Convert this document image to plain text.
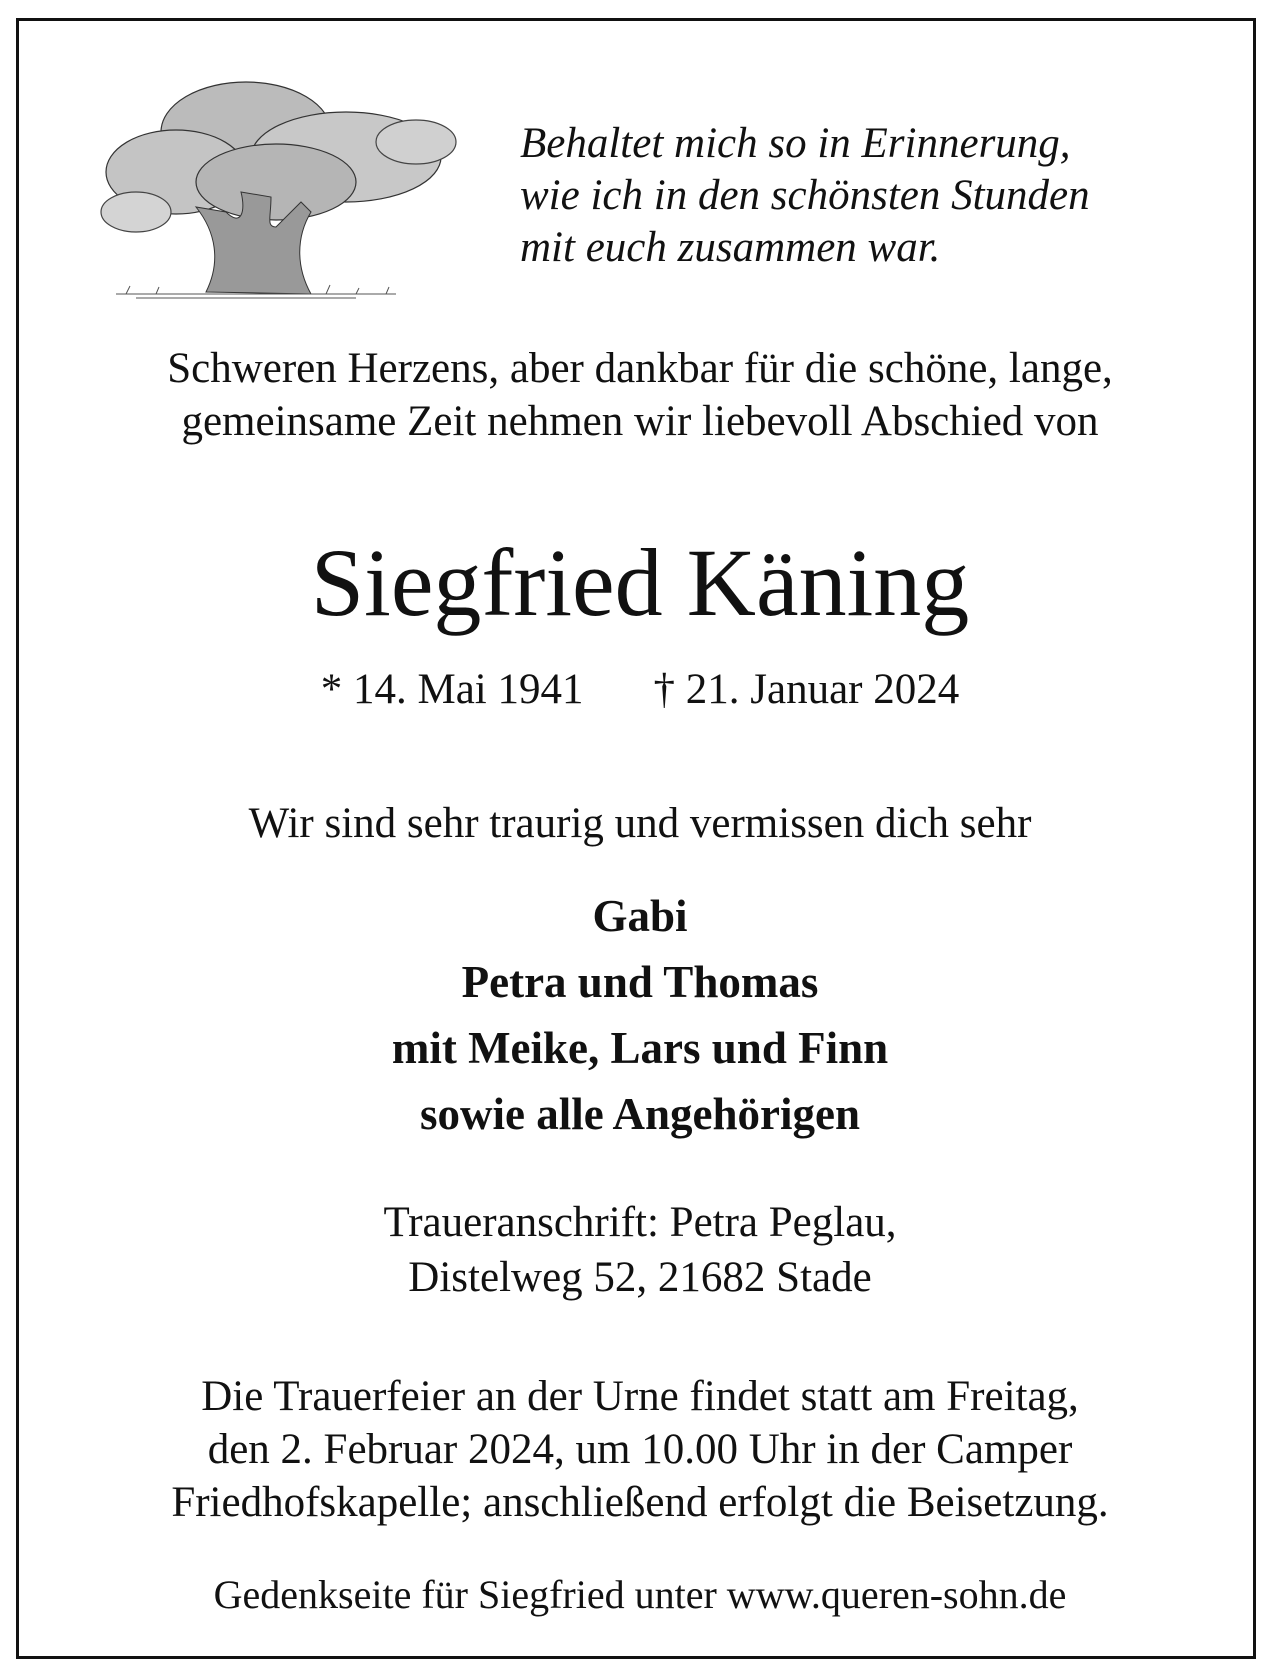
Behaltet mich so in Erinnerung,
wie ich in den schönsten Stunden
mit euch zusammen war.
Schweren Herzens, aber dankbar für die schöne, lange,
gemeinsame Zeit nehmen wir liebevoll Abschied von
Siegfried Käning
* 14. Mai 1941 † 21. Januar 2024
Wir sind sehr traurig und vermissen dich sehr
Gabi
Petra und Thomas
mit Meike, Lars und Finn
sowie alle Angehörigen
Traueranschrift: Petra Peglau,
Distelweg 52, 21682 Stade
Die Trauerfeier an der Urne findet statt am Freitag,
den 2. Februar 2024, um 10.00 Uhr in der Camper
Friedhofskapelle; anschließend erfolgt die Beisetzung.
Gedenkseite für Siegfried unter www.queren-sohn.de
